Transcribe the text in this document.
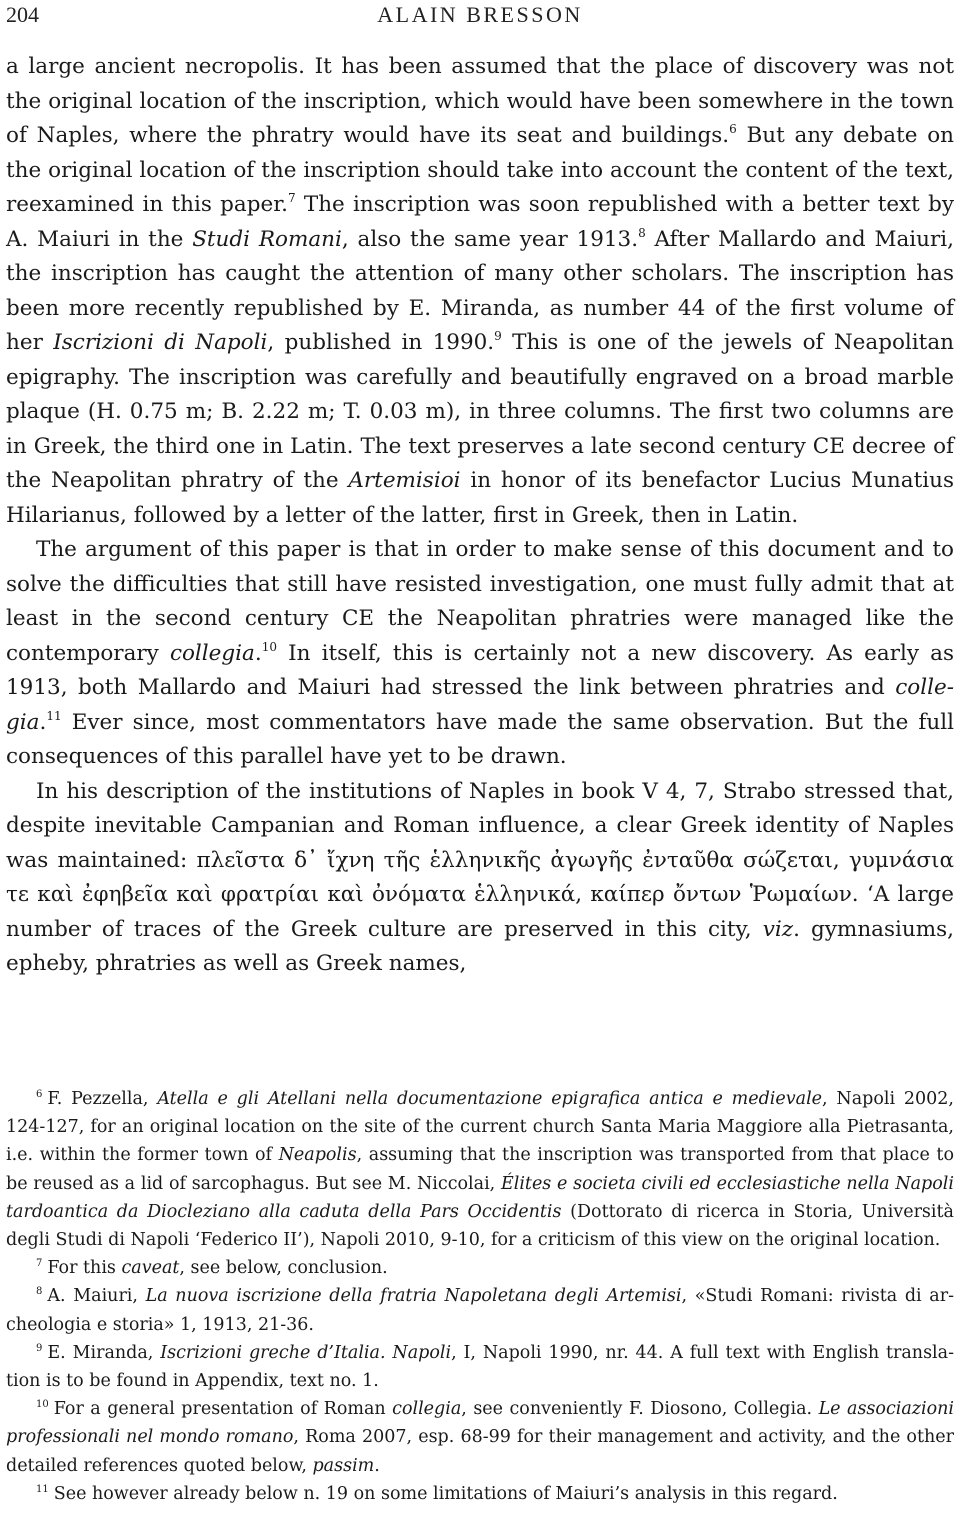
204	ALAIN BRESSON

a large ancient necropolis. It has been assumed that the place of discovery was not the original location of the inscription, which would have been somewhere in the town of Naples, where the phratry would have its seat and buildings.$^6$ But any debate on the original location of the inscription should take into account the content of the text, reexamined in this paper.$^7$ The inscription was soon republished with a better text by A. Maiuri in the Studi Romani, also the same year 1913.$^8$ After Mallardo and Maiuri, the inscription has caught the attention of many other scholars. The inscription has been more recently republished by E. Miranda, as number 44 of the first volume of her Iscrizioni di Napoli, published in 1990.$^9$ This is one of the jewels of Neapolitan epigraphy. The inscription was carefully and beautifully engraved on a broad marble plaque (H. 0.75 m; B. 2.22 m; T. 0.03 m), in three columns. The first two columns are in Greek, the third one in Latin. The text preserves a late second century CE decree of the Neapolitan phratry of the Artemisioi in honor of its benefactor Lucius Munatius Hilarianus, followed by a letter of the latter, first in Greek, then in Latin.

The argument of this paper is that in order to make sense of this document and to solve the difficulties that still have resisted investigation, one must fully admit that at least in the second century CE the Neapolitan phratries were managed like the contemporary collegia.$^{10}$ In itself, this is certainly not a new discovery. As early as 1913, both Mallardo and Maiuri had stressed the link between phratries and collegia.$^{11}$ Ever since, most commentators have made the same observation. But the full consequences of this parallel have yet to be drawn.

In his description of the institutions of Naples in book V 4, 7, Strabo stressed that, despite inevitable Campanian and Roman influence, a clear Greek identity of Naples was maintained: πλεῖστα δ᾽ ἴχνη τῆς ἑλληνικῆς ἀγωγῆς ἐνταῦθα σώζεται, γυμνάσια τε καὶ ἐφηβεῖα καὶ φρατρίαι καὶ ὀνόματα ἑλληνικά, καίπερ ὄντων Ῥωμαίων. ‘A large number of traces of the Greek culture are preserved in this city, viz. gymnasiums, epheby, phratries as well as Greek names,

$^6$ F. Pezzella, Atella e gli Atellani nella documentazione epigrafica antica e medievale, Napoli 2002, 124-127, for an original location on the site of the current church Santa Maria Maggiore alla Pietrasanta, i.e. within the former town of Neapolis, assuming that the inscription was transported from that place to be reused as a lid of sarcophagus. But see M. Niccolai, Élites e societa civili ed ecclesiastiche nella Napoli tardoantica da Diocleziano alla caduta della Pars Occidentis (Dottorato di ricerca in Storia, Università degli Studi di Napoli ‘Federico II’), Napoli 2010, 9-10, for a criticism of this view on the original location.

$^7$ For this caveat, see below, conclusion.

$^8$ A. Maiuri, La nuova iscrizione della fratria Napoletana degli Artemisi, «Studi Romani: rivista di archeologia e storia» 1, 1913, 21-36.

$^9$ E. Miranda, Iscrizioni greche d’Italia. Napoli, I, Napoli 1990, nr. 44. A full text with English translation is to be found in Appendix, text no. 1.

$^{10}$ For a general presentation of Roman collegia, see conveniently F. Diosono, Collegia. Le associazioni professionali nel mondo romano, Roma 2007, esp. 68-99 for their management and activity, and the other detailed references quoted below, passim.

$^{11}$ See however already below n. 19 on some limitations of Maiuri’s analysis in this regard.
